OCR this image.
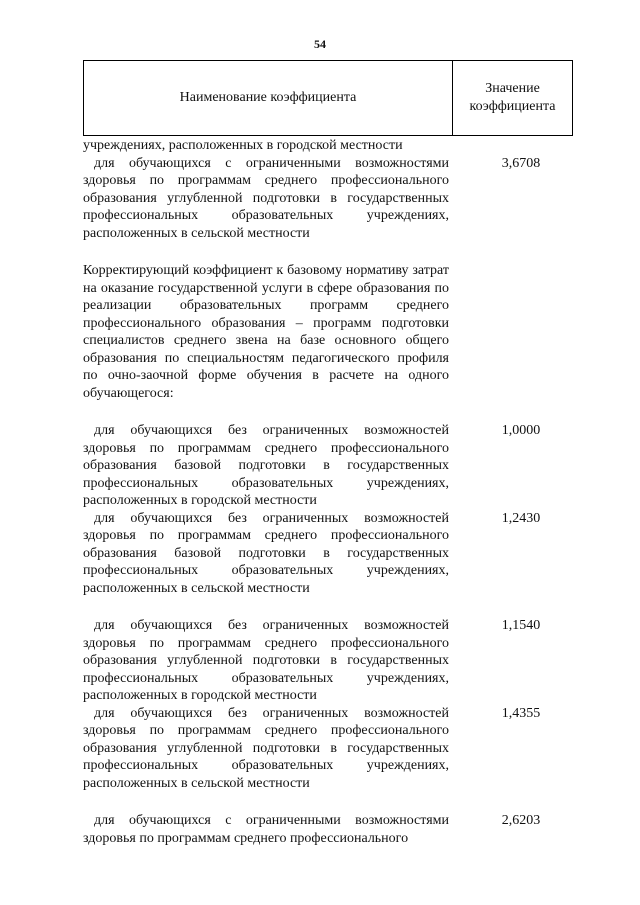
54
Наименование коэффициента
Значение коэффициента
учреждениях, расположенных в городской местности
для обучающихся с ограниченными возможностями здоровья по программам среднего профессионального образования углубленной подготовки в государственных профессиональных образовательных учреждениях, расположенных в сельской местности
3,6708
Корректирующий коэффициент к базовому нормативу затрат на оказание государственной услуги в сфере образования по реализации образовательных программ среднего профессионального образования – программ подготовки специалистов среднего звена на базе основного общего образования по специальностям педагогического профиля по очно-заочной форме обучения в расчете на одного обучающегося:
для обучающихся без ограниченных возможностей здоровья по программам среднего профессионального образования базовой подготовки в государственных профессиональных образовательных учреждениях, расположенных в городской местности
1,0000
для обучающихся без ограниченных возможностей здоровья по программам среднего профессионального образования базовой подготовки в государственных профессиональных образовательных учреждениях, расположенных в сельской местности
1,2430
для обучающихся без ограниченных возможностей здоровья по программам среднего профессионального образования углубленной подготовки в государственных профессиональных образовательных учреждениях, расположенных в городской местности
1,1540
для обучающихся без ограниченных возможностей здоровья по программам среднего профессионального образования углубленной подготовки в государственных профессиональных образовательных учреждениях, расположенных в сельской местности
1,4355
для обучающихся с ограниченными возможностями здоровья по программам среднего профессионального
2,6203
